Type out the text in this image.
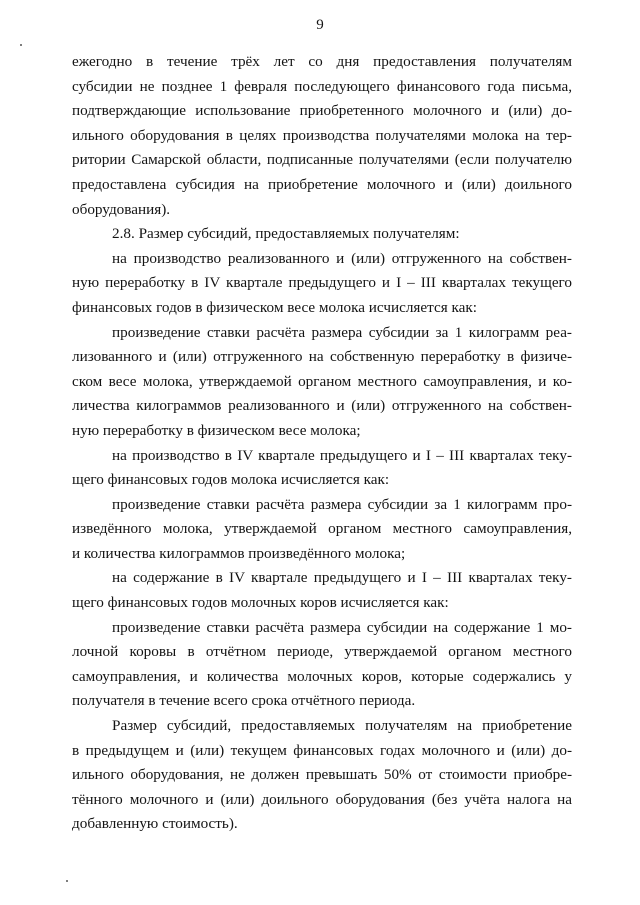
9
ежегодно в течение трёх лет со дня предоставления получателям
субсидии не позднее 1 февраля последующего финансового года письма,
подтверждающие использование приобретенного молочного и (или) до-
ильного оборудования в целях производства получателями молока на тер-
ритории Самарской области, подписанные получателями (если получателю
предоставлена субсидия на приобретение молочного и (или) доильного
оборудования).
2.8. Размер субсидий, предоставляемых получателям:
на производство реализованного и (или) отгруженного на собствен-
ную переработку в IV квартале предыдущего и I – III кварталах текущего
финансовых годов в физическом весе молока исчисляется как:
произведение ставки расчёта размера субсидии за 1 килограмм реа-
лизованного и (или) отгруженного на собственную переработку в физиче-
ском весе молока, утверждаемой органом местного самоуправления, и ко-
личества килограммов реализованного и (или) отгруженного на собствен-
ную переработку в физическом весе молока;
на производство в IV квартале предыдущего и I – III кварталах теку-
щего финансовых годов молока исчисляется как:
произведение ставки расчёта размера субсидии за 1 килограмм про-
изведённого молока, утверждаемой органом местного самоуправления,
и количества килограммов произведённого молока;
на содержание в IV квартале предыдущего и I – III кварталах теку-
щего финансовых годов молочных коров исчисляется как:
произведение ставки расчёта размера субсидии на содержание 1 мо-
лочной коровы в отчётном периоде, утверждаемой органом местного
самоуправления, и количества молочных коров, которые содержались у
получателя в течение всего срока отчётного периода.
Размер субсидий, предоставляемых получателям на приобретение
в предыдущем и (или) текущем финансовых годах молочного и (или) до-
ильного оборудования, не должен превышать 50% от стоимости приобре-
тённого молочного и (или) доильного оборудования (без учёта налога на
добавленную стоимость).
